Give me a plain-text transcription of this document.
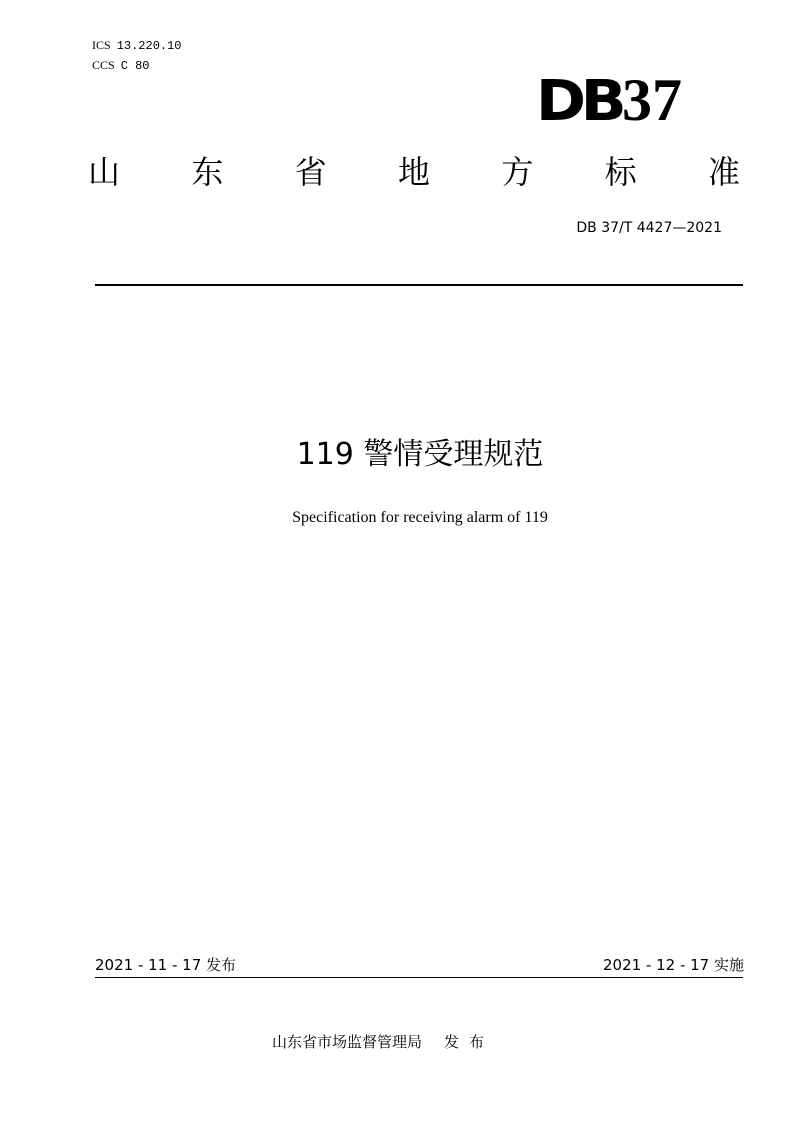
ICS 13.220.10
CCS C 80
DB37
山 东 省 地 方 标 准
DB 37/T 4427—2021
119 警情受理规范
Specification for receiving alarm of 119
2021 - 11 - 17 发布	2021 - 12 - 17 实施
山东省市场监督管理局 发布
